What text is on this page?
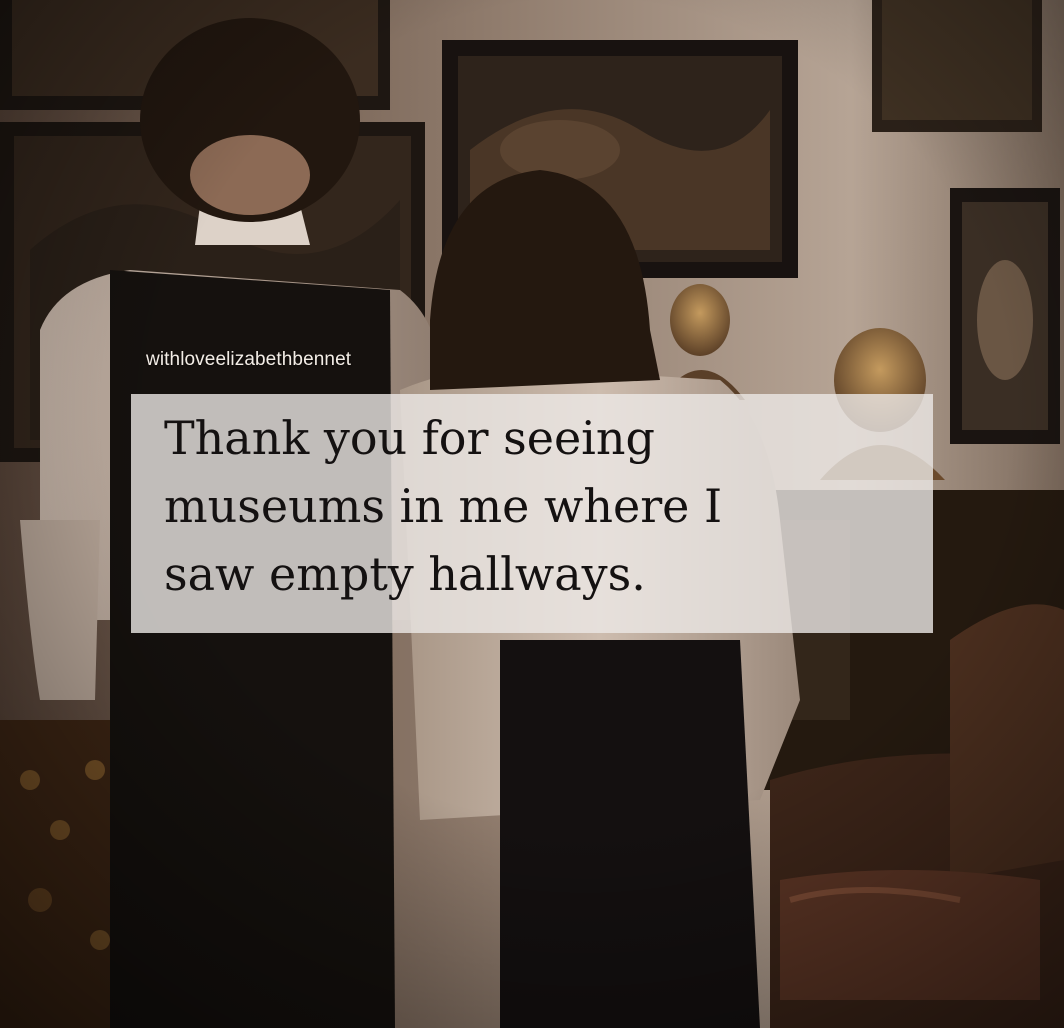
withloveelizabethbennet
Thank you for seeing
museums in me where I
saw empty hallways.
